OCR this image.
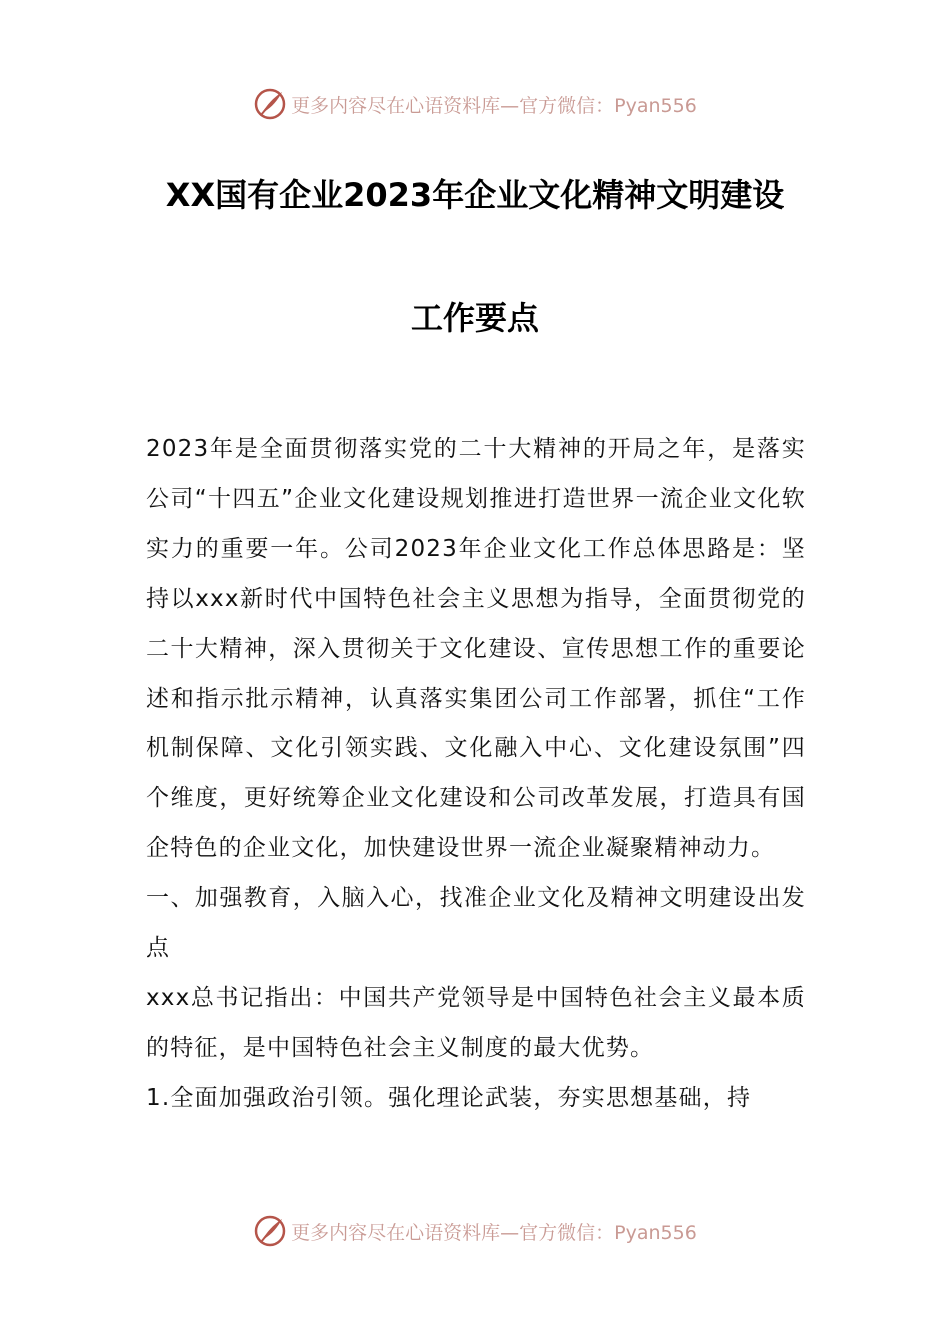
更多内容尽在心语资料库—官方微信：Pyan556
XX国有企业2023年企业文化精神文明建设
工作要点

2023年是全面贯彻落实党的二十大精神的开局之年，是落实公司“十四五”企业文化建设规划推进打造世界一流企业文化软实力的重要一年。公司2023年企业文化工作总体思路是：坚持以xxx新时代中国特色社会主义思想为指导，全面贯彻党的二十大精神，深入贯彻关于文化建设、宣传思想工作的重要论述和指示批示精神，认真落实集团公司工作部署，抓住“工作机制保障、文化引领实践、文化融入中心、文化建设氛围”四个维度，更好统筹企业文化建设和公司改革发展，打造具有国企特色的企业文化，加快建设世界一流企业凝聚精神动力。

一、加强教育，入脑入心，找准企业文化及精神文明建设出发点

xxx总书记指出：中国共产党领导是中国特色社会主义最本质的特征，是中国特色社会主义制度的最大优势。

1.全面加强政治引领。强化理论武装，夯实思想基础，持

更多内容尽在心语资料库—官方微信：Pyan556
